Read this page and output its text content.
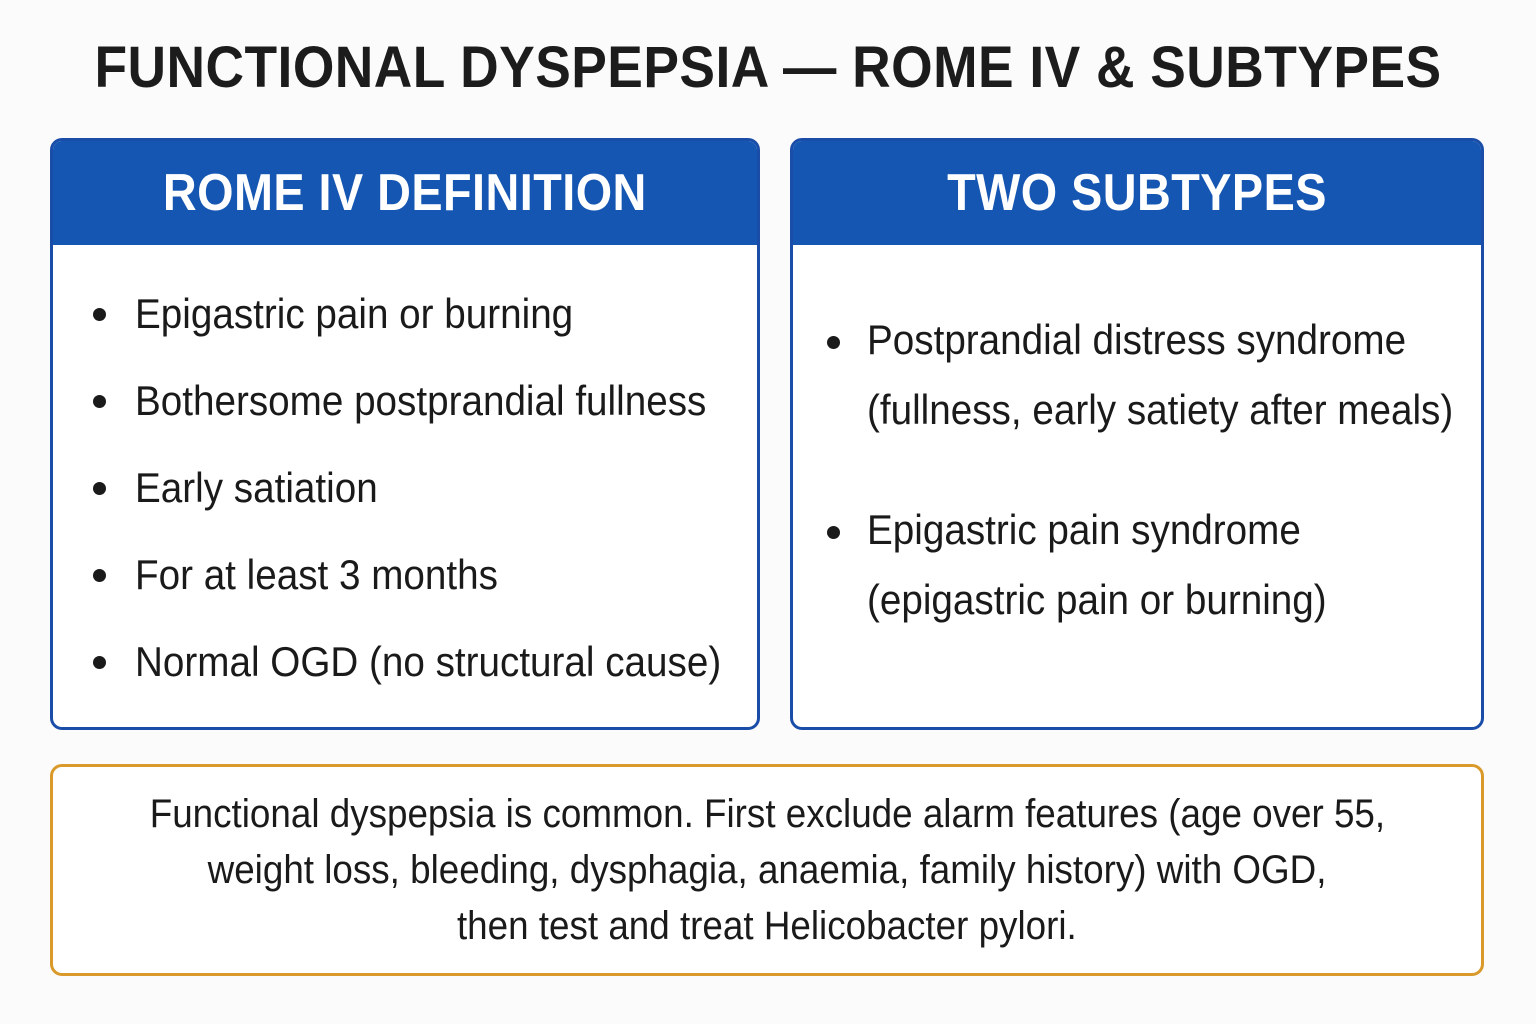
FUNCTIONAL DYSPEPSIA — ROME IV & SUBTYPES
ROME IV DEFINITION
Epigastric pain or burning
Bothersome postprandial fullness
Early satiation
For at least 3 months
Normal OGD (no structural cause)
TWO SUBTYPES
Postprandial distress syndrome
(fullness, early satiety after meals)
Epigastric pain syndrome
(epigastric pain or burning)
Functional dyspepsia is common. First exclude alarm features (age over 55,
weight loss, bleeding, dysphagia, anaemia, family history) with OGD,
then test and treat Helicobacter pylori.
